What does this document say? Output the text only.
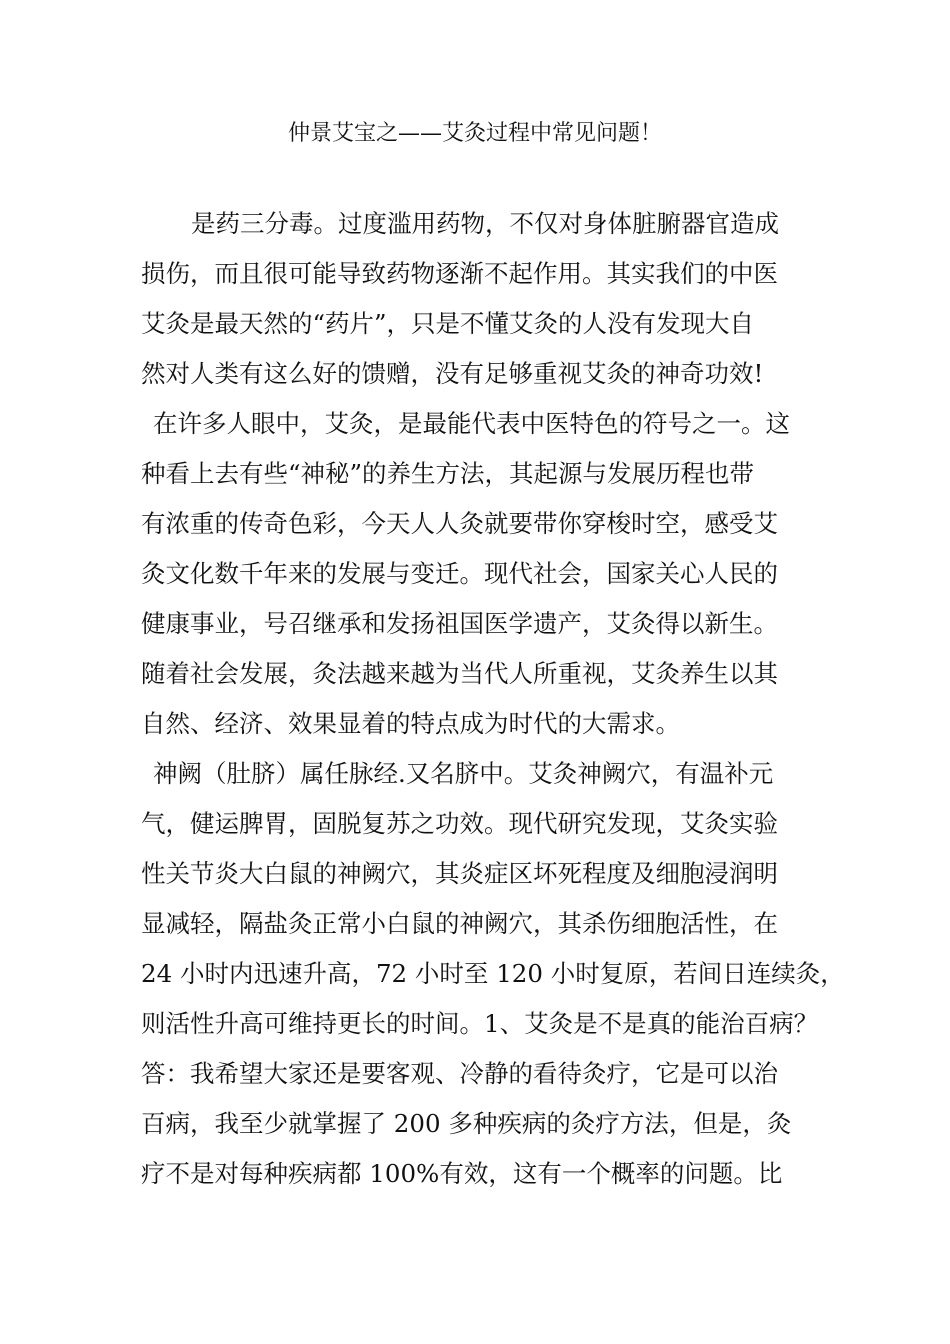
仲景艾宝之——艾灸过程中常见问题！
是药三分毒。过度滥用药物，不仅对身体脏腑器官造成
损伤，而且很可能导致药物逐渐不起作用。其实我们的中医
艾灸是最天然的“药片”，只是不懂艾灸的人没有发现大自
然对人类有这么好的馈赠，没有足够重视艾灸的神奇功效!
在许多人眼中，艾灸，是最能代表中医特色的符号之一。这
种看上去有些“神秘”的养生方法，其起源与发展历程也带
有浓重的传奇色彩，今天人人灸就要带你穿梭时空，感受艾
灸文化数千年来的发展与变迁。现代社会，国家关心人民的
健康事业，号召继承和发扬祖国医学遗产，艾灸得以新生。
随着社会发展，灸法越来越为当代人所重视，艾灸养生以其
自然、经济、效果显着的特点成为时代的大需求。
神阙（肚脐）属任脉经.又名脐中。艾灸神阙穴，有温补元
气，健运脾胃，固脱复苏之功效。现代研究发现，艾灸实验
性关节炎大白鼠的神阙穴，其炎症区坏死程度及细胞浸润明
显减轻，隔盐灸正常小白鼠的神阙穴，其杀伤细胞活性，在
24 小时内迅速升高，72 小时至 120 小时复原，若间日连续灸，
则活性升高可维持更长的时间。1、艾灸是不是真的能治百病？
答：我希望大家还是要客观、冷静的看待灸疗，它是可以治
百病，我至少就掌握了 200 多种疾病的灸疗方法，但是，灸
疗不是对每种疾病都 100%有效，这有一个概率的问题。比
